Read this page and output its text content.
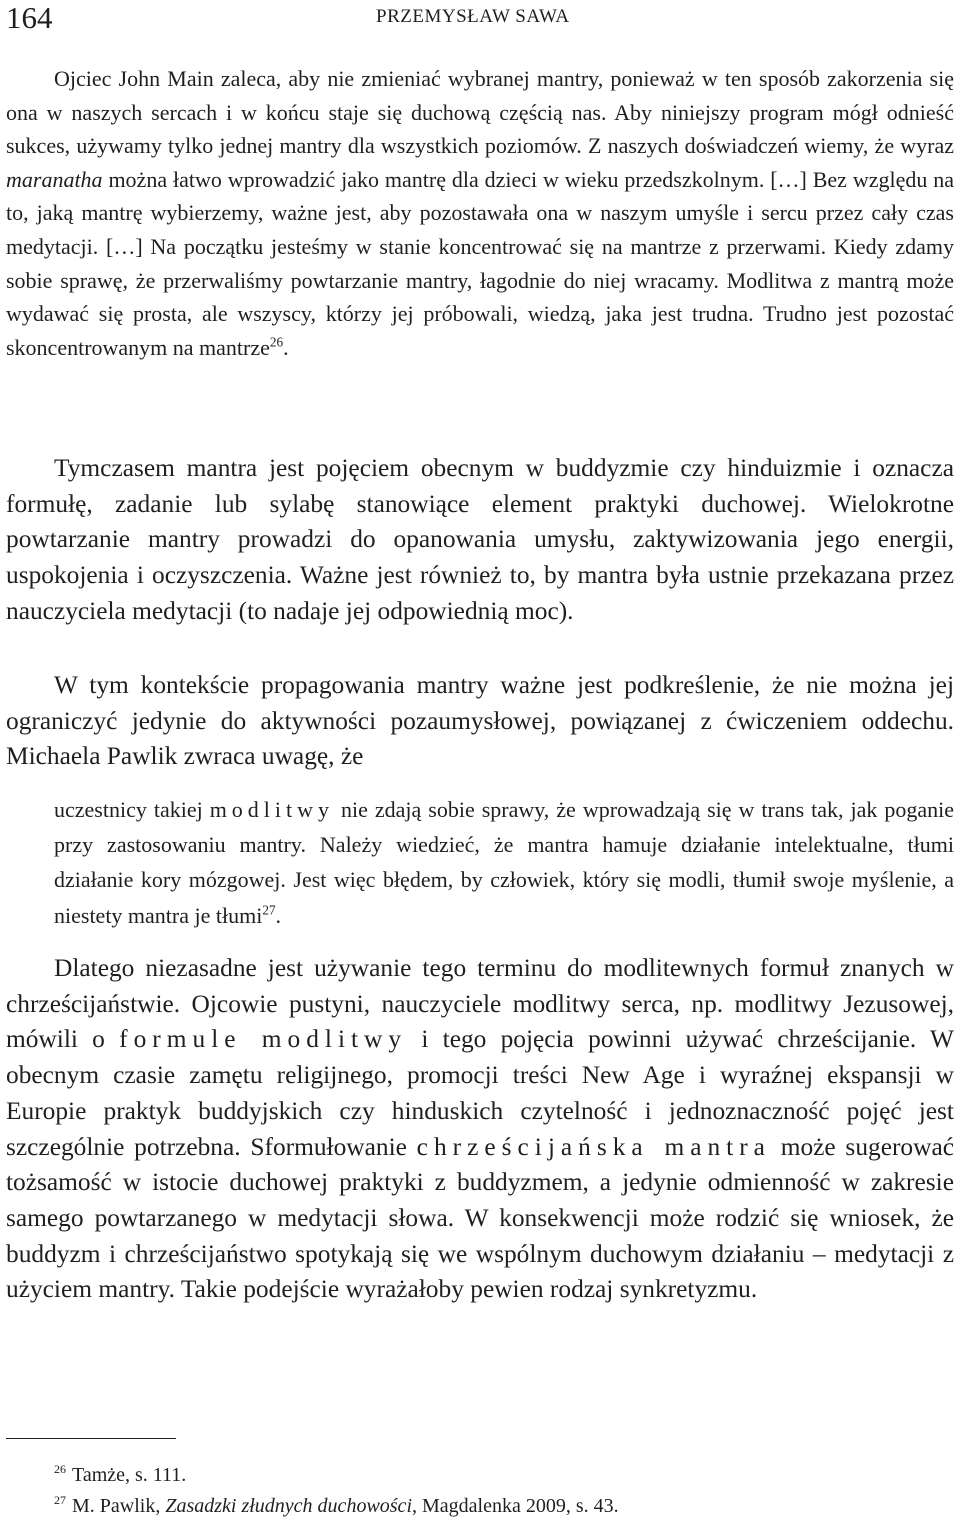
164	PRZEMYSŁAW SAWA

Ojciec John Main zaleca, aby nie zmieniać wybranej mantry, ponieważ w ten sposób zakorzenia się ona w naszych sercach i w końcu staje się duchową częścią nas. Aby niniejszy program mógł odnieść sukces, używamy tylko jednej mantry dla wszystkich poziomów. Z naszych doświadczeń wiemy, że wyraz maranatha można łatwo wprowadzić jako mantrę dla dzieci w wieku przedszkolnym. […] Bez względu na to, jaką mantrę wybierzemy, ważne jest, aby pozostawała ona w naszym umyśle i sercu przez cały czas medytacji. […] Na początku jesteśmy w stanie koncentrować się na mantrze z przerwami. Kiedy zdamy sobie sprawę, że przerwaliśmy powtarzanie mantry, łagodnie do niej wracamy. Modlitwa z mantrą może wydawać się prosta, ale wszyscy, którzy jej próbowali, wiedzą, jaka jest trudna. Trudno jest pozostać skoncentrowanym na mantrze$^{26}$.

Tymczasem mantra jest pojęciem obecnym w buddyzmie czy hinduizmie i oznacza formułę, zadanie lub sylabę stanowiące element praktyki duchowej. Wielokrotne powtarzanie mantry prowadzi do opanowania umysłu, zaktywizowania jego energii, uspokojenia i oczyszczenia. Ważne jest również to, by mantra była ustnie przekazana przez nauczyciela medytacji (to nadaje jej odpowiednią moc).

W tym kontekście propagowania mantry ważne jest podkreślenie, że nie można jej ograniczyć jedynie do aktywności pozaumysłowej, powiązanej z ćwiczeniem oddechu. Michaela Pawlik zwraca uwagę, że

uczestnicy takiej modlitwy nie zdają sobie sprawy, że wprowadzają się w trans tak, jak poganie przy zastosowaniu mantry. Należy wiedzieć, że mantra hamuje działanie intelektualne, tłumi działanie kory mózgowej. Jest więc błędem, by człowiek, który się modli, tłumił swoje myślenie, a niestety mantra je tłumi$^{27}$.

Dlatego niezasadne jest używanie tego terminu do modlitewnych formuł znanych w chrześcijaństwie. Ojcowie pustyni, nauczyciele modlitwy serca, np. modlitwy Jezusowej, mówili o formule modlitwy i tego pojęcia powinni używać chrześcijanie. W obecnym czasie zamętu religijnego, promocji treści New Age i wyraźnej ekspansji w Europie praktyk buddyjskich czy hinduskich czytelność i jednoznaczność pojęć jest szczególnie potrzebna. Sformułowanie chrześcijańska mantra może sugerować tożsamość w istocie duchowej praktyki z buddyzmem, a jedynie odmienność w zakresie samego powtarzanego w medytacji słowa. W konsekwencji może rodzić się wniosek, że buddyzm i chrześcijaństwo spotykają się we wspólnym duchowym działaniu – medytacji z użyciem mantry. Takie podejście wyrażałoby pewien rodzaj synkretyzmu.

$^{26}$ Tamże, s. 111.

$^{27}$ M. Pawlik, Zasadzki złudnych duchowości, Magdalenka 2009, s. 43.
